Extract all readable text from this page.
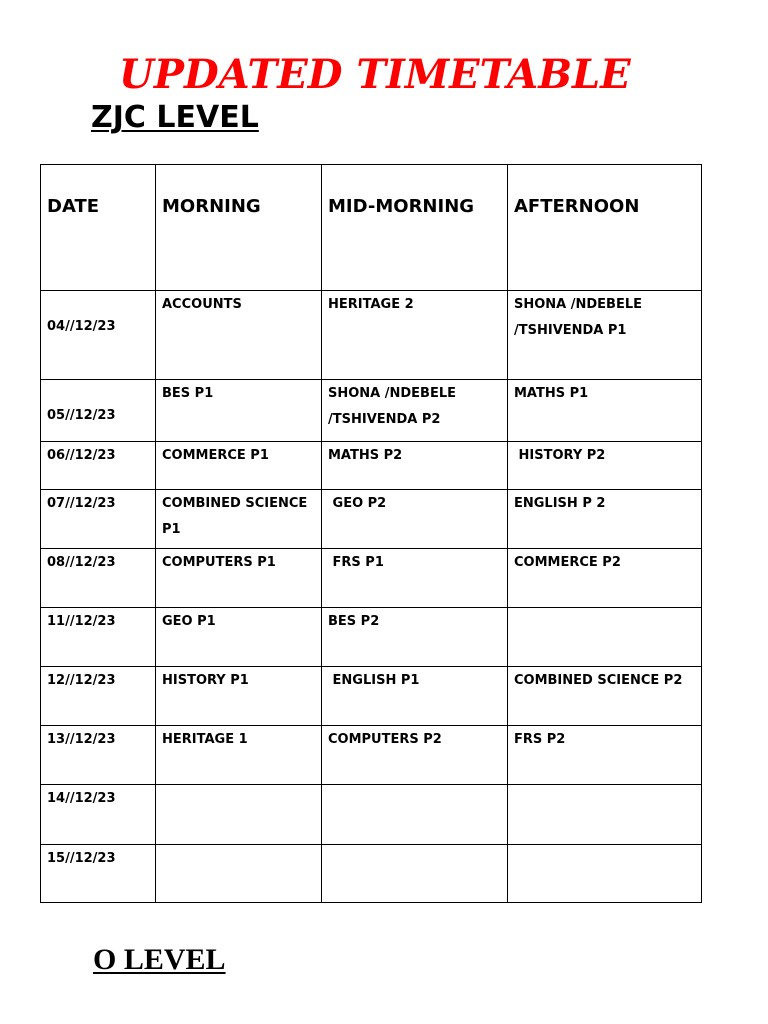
UPDATED TIMETABLE
ZJC LEVEL
DATE	MORNING	MID-MORNING	AFTERNOON
04//12/23	ACCOUNTS	HERITAGE 2	SHONA /NDEBELE /TSHIVENDA P1
05//12/23	BES P1	SHONA /NDEBELE /TSHIVENDA P2	MATHS P1
06//12/23	COMMERCE P1	MATHS P2	HISTORY P2
07//12/23	COMBINED SCIENCE P1	GEO P2	ENGLISH P 2
08//12/23	COMPUTERS P1	FRS P1	COMMERCE P2
11//12/23	GEO P1	BES P2	
12//12/23	HISTORY P1	ENGLISH P1	COMBINED SCIENCE P2
13//12/23	HERITAGE 1	COMPUTERS P2	FRS P2
14//12/23			
15//12/23			
O LEVEL
